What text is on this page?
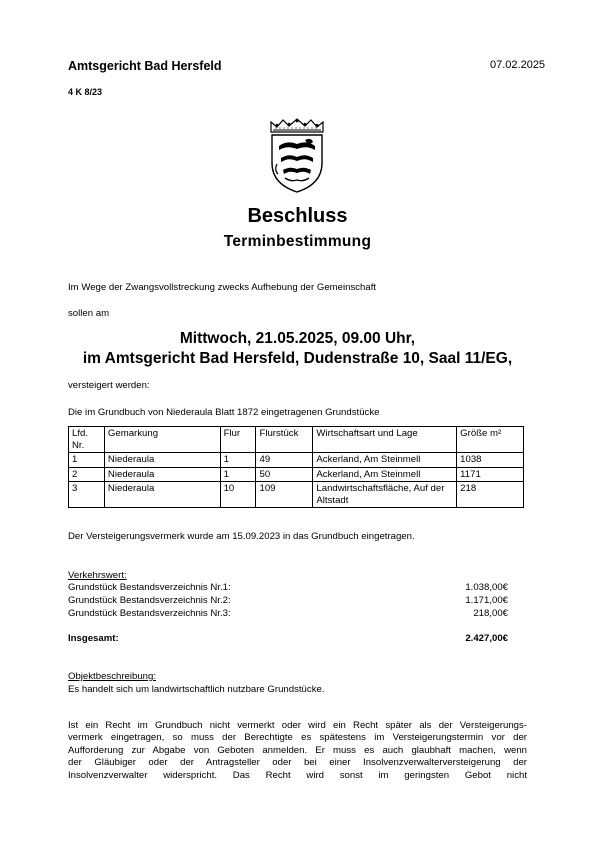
Amtsgericht Bad Hersfeld	07.02.2025
4 K 8/23
Beschluss
Terminbestimmung
Im Wege der Zwangsvollstreckung zwecks Aufhebung der Gemeinschaft
sollen am
Mittwoch, 21.05.2025, 09.00 Uhr,
im Amtsgericht Bad Hersfeld, Dudenstraße 10, Saal 11/EG,
versteigert werden:
Die im Grundbuch von Niederaula Blatt 1872 eingetragenen Grundstücke
Lfd. Nr.	Gemarkung	Flur	Flurstück	Wirtschaftsart und Lage	Größe m²
1	Niederaula	1	49	Ackerland, Am Steinmell	1038
2	Niederaula	1	50	Ackerland, Am Steinmell	1171
3	Niederaula	10	109	Landwirtschaftsfläche, Auf der Altstadt	218
Der Versteigerungsvermerk wurde am 15.09.2023 in das Grundbuch eingetragen.
Verkehrswert:
Grundstück Bestandsverzeichnis Nr.1:	1.038,00€
Grundstück Bestandsverzeichnis Nr.2:	1.171,00€
Grundstück Bestandsverzeichnis Nr.3:	218,00€
Insgesamt:	2.427,00€
Objektbeschreibung:
Es handelt sich um landwirtschaftlich nutzbare Grundstücke.
Ist ein Recht im Grundbuch nicht vermerkt oder wird ein Recht später als der Versteigerungs-
vermerk eingetragen, so muss der Berechtigte es spätestens im Versteigerungstermin vor der
Aufforderung zur Abgabe von Geboten anmelden. Er muss es auch glaubhaft machen, wenn
der Gläubiger oder der Antragsteller oder bei einer Insolvenzverwalterversteigerung der
Insolvenzverwalter widerspricht. Das Recht wird sonst im geringsten Gebot nicht
